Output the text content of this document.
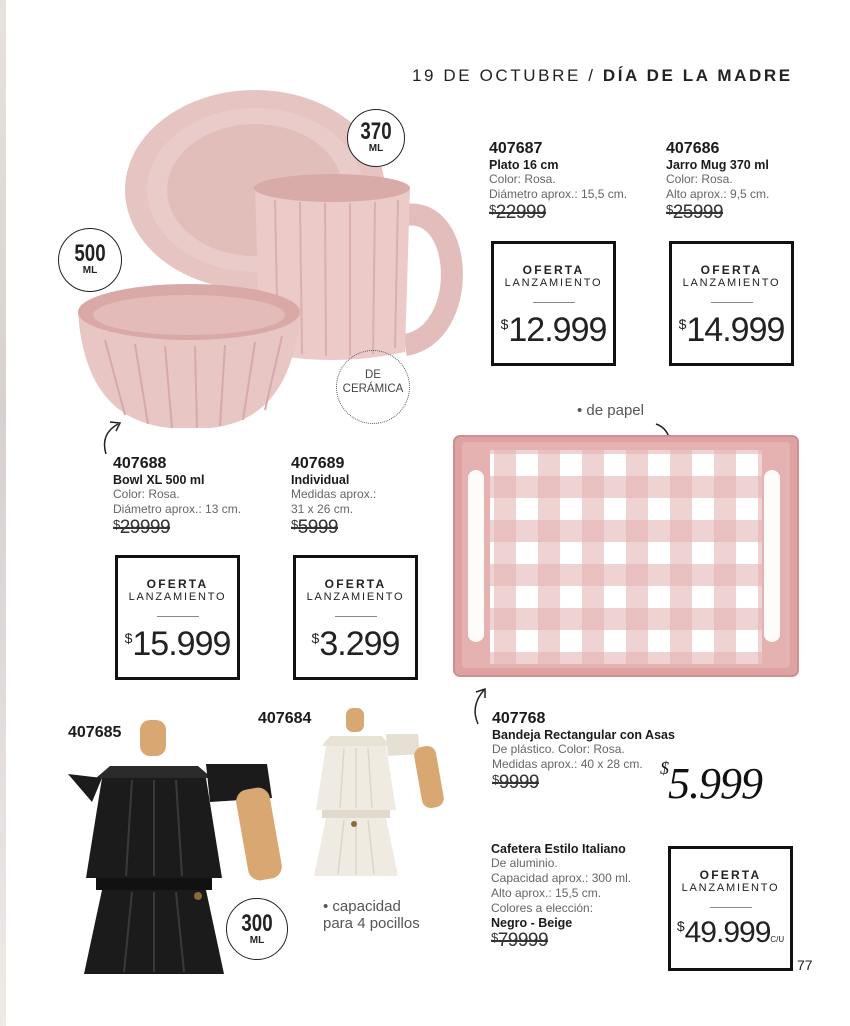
19 DE OCTUBRE / DÍA DE LA MADRE
370
ML
500
ML
300
ML
DE
CERÁMICA
407687
Plato 16 cm
Color: Rosa.
Diámetro aprox.: 15,5 cm.
$22999
OFERTA
LANZAMIENTO
$12.999
407686
Jarro Mug 370 ml
Color: Rosa.
Alto aprox.: 9,5 cm.
$25999
OFERTA
LANZAMIENTO
$14.999
407688
Bowl XL 500 ml
Color: Rosa.
Diámetro aprox.: 13 cm.
$29999
OFERTA
LANZAMIENTO
$15.999
407689
Individual
Medidas aprox.:
31 x 26 cm.
$5999
OFERTA
LANZAMIENTO
$3.299
• de papel
407768
Bandeja Rectangular con Asas
De plástico. Color: Rosa.
Medidas aprox.: 40 x 28 cm.
$9999
$5.999
407685
407684
• capacidad
para 4 pocillos
Cafetera Estilo Italiano
De aluminio.
Capacidad aprox.: 300 ml.
Alto aprox.: 15,5 cm.
Colores a elección:
Negro - Beige
$79999
OFERTA
LANZAMIENTO
$49.999C/U
77
